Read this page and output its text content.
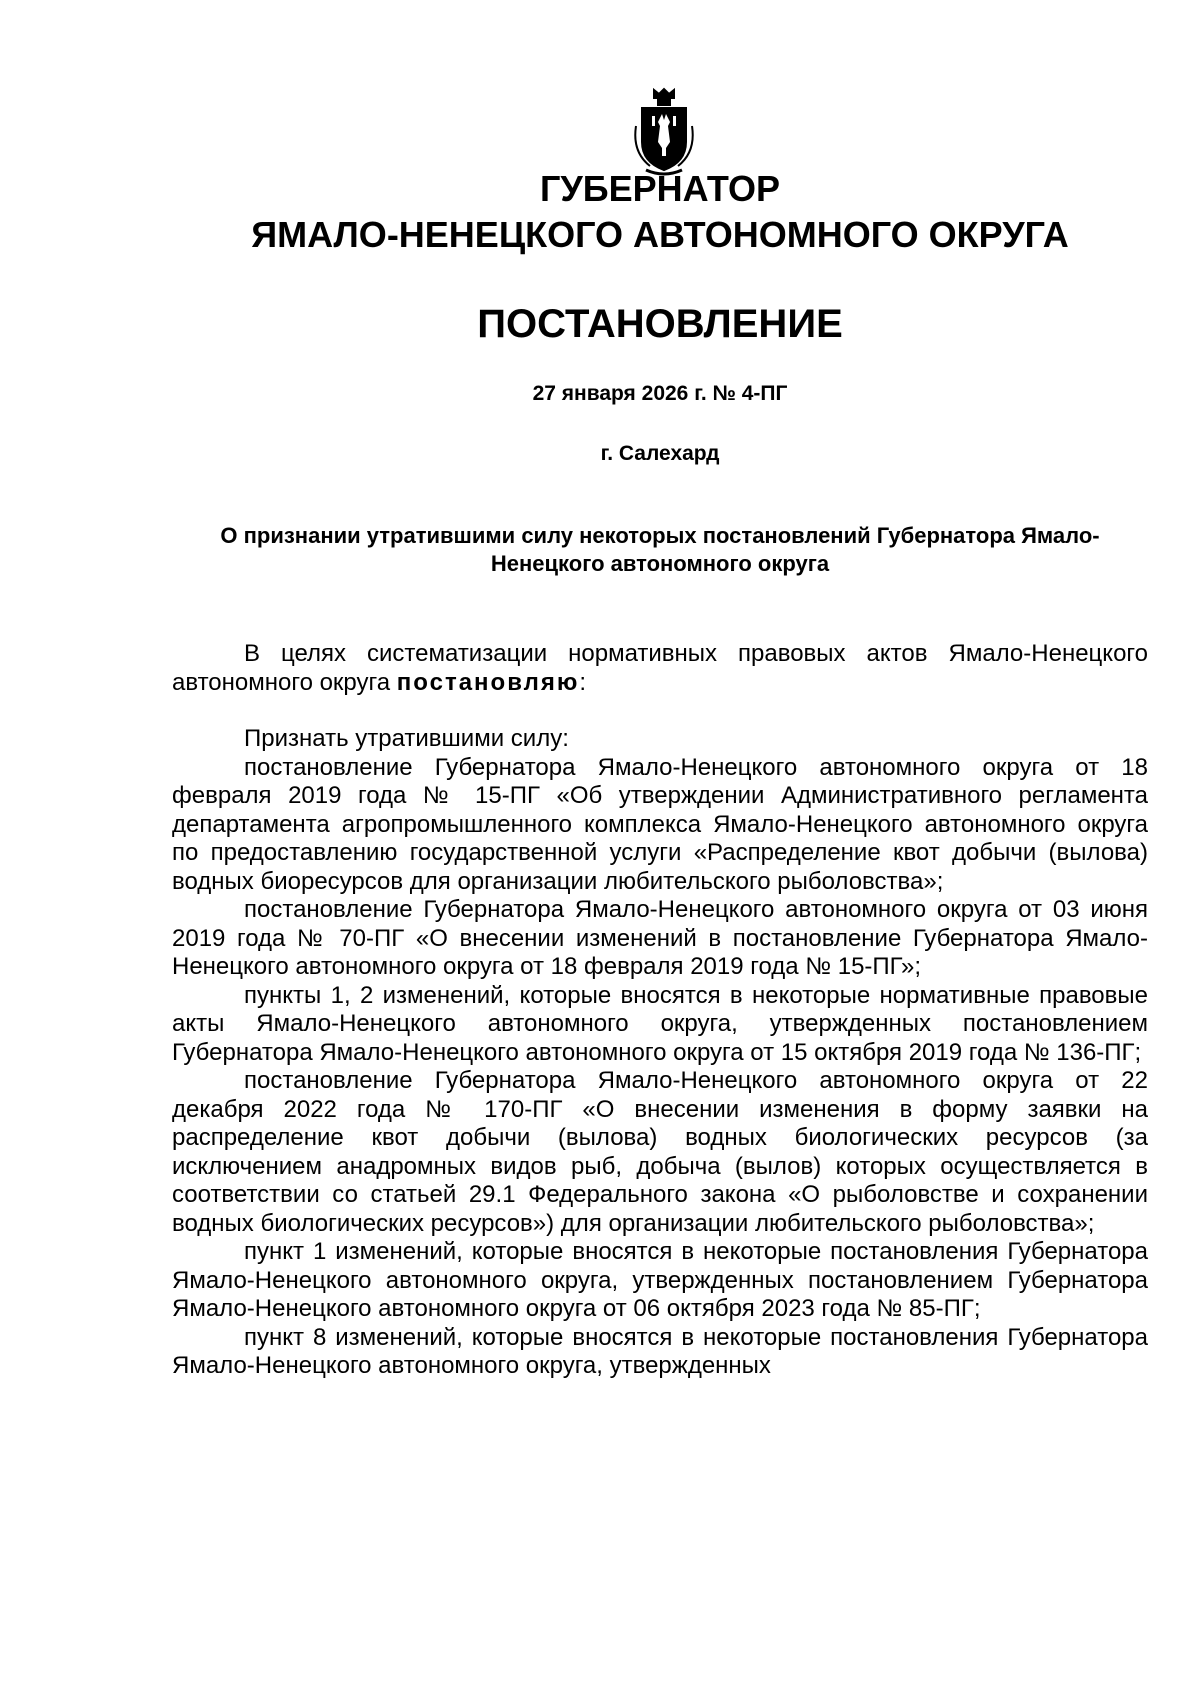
ГУБЕРНАТОР
ЯМАЛО-НЕНЕЦКОГО АВТОНОМНОГО ОКРУГА
ПОСТАНОВЛЕНИЕ
27 января 2026 г. № 4-ПГ
г. Салехард
О признании утратившими силу некоторых постановлений Губернатора Ямало-Ненецкого автономного округа

В целях систематизации нормативных правовых актов Ямало-Ненецкого автономного округа постановляю:

Признать утратившими силу:

постановление Губернатора Ямало-Ненецкого автономного округа от 18 февраля 2019 года № 15-ПГ «Об утверждении Административного регламента департамента агропромышленного комплекса Ямало-Ненецкого автономного округа по предоставлению государственной услуги «Распределение квот добычи (вылова) водных биоресурсов для организации любительского рыболовства»;

постановление Губернатора Ямало-Ненецкого автономного округа от 03 июня 2019 года № 70-ПГ «О внесении изменений в постановление Губернатора Ямало-Ненецкого автономного округа от 18 февраля 2019 года № 15-ПГ»;

пункты 1, 2 изменений, которые вносятся в некоторые нормативные правовые акты Ямало-Ненецкого автономного округа, утвержденных постановлением Губернатора Ямало-Ненецкого автономного округа от 15 октября 2019 года № 136-ПГ;

постановление Губернатора Ямало-Ненецкого автономного округа от 22 декабря 2022 года № 170-ПГ «О внесении изменения в форму заявки на распределение квот добычи (вылова) водных биологических ресурсов (за исключением анадромных видов рыб, добыча (вылов) которых осуществляется в соответствии со статьей 29.1 Федерального закона «О рыболовстве и сохранении водных биологических ресурсов») для организации любительского рыболовства»;

пункт 1 изменений, которые вносятся в некоторые постановления Губернатора Ямало-Ненецкого автономного округа, утвержденных постановлением Губернатора Ямало-Ненецкого автономного округа от 06 октября 2023 года № 85-ПГ;

пункт 8 изменений, которые вносятся в некоторые постановления Губернатора Ямало-Ненецкого автономного округа, утвержденных
